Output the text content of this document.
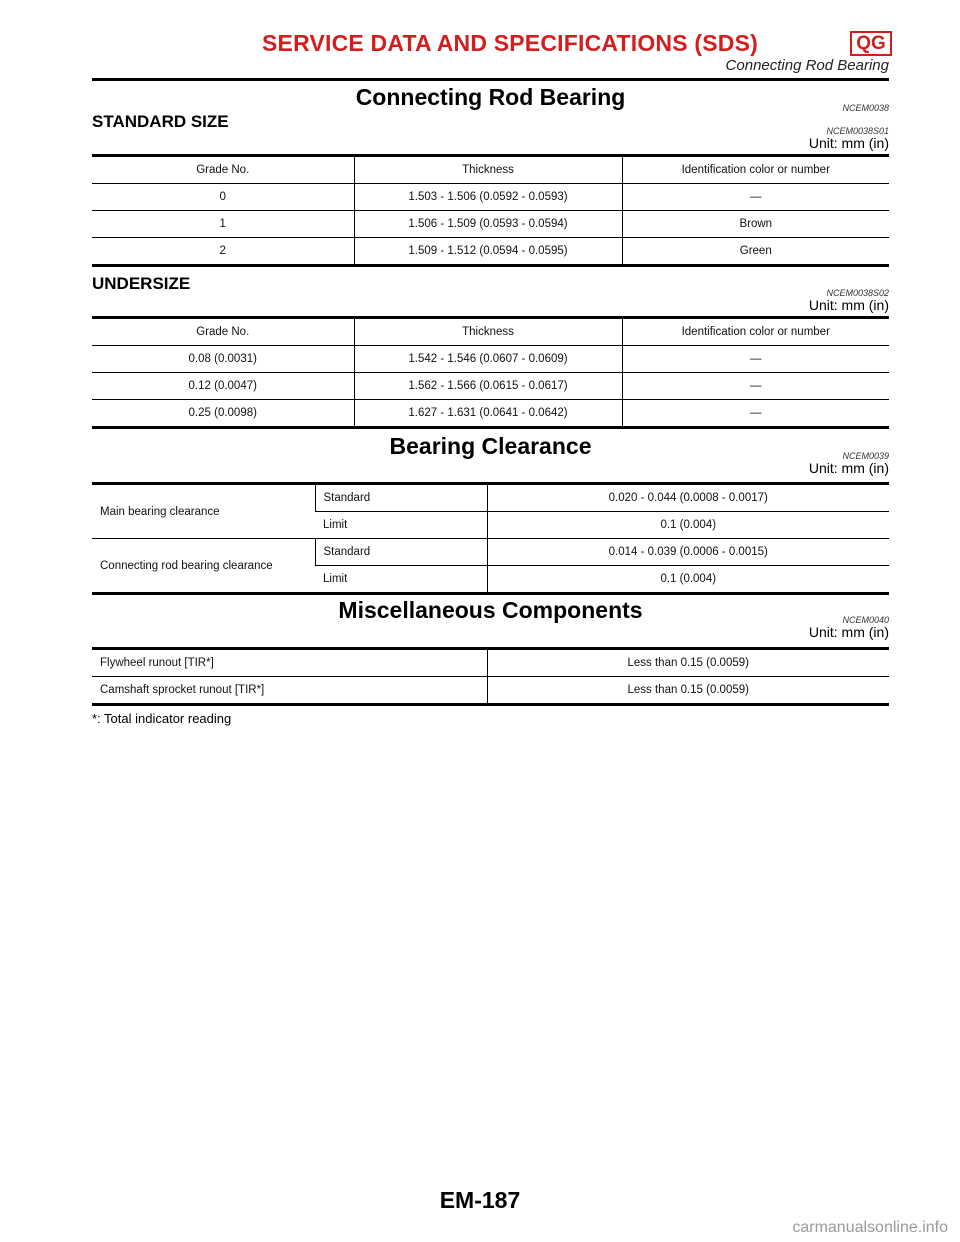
SERVICE DATA AND SPECIFICATIONS (SDS)	QG
Connecting Rod Bearing
Connecting Rod Bearing	NCEM0038
STANDARD SIZE	NCEM0038S01
Unit: mm (in)
Grade No.	Thickness	Identification color or number
0	1.503 - 1.506 (0.0592 - 0.0593)	—
1	1.506 - 1.509 (0.0593 - 0.0594)	Brown
2	1.509 - 1.512 (0.0594 - 0.0595)	Green
UNDERSIZE	NCEM0038S02
Unit: mm (in)
Grade No.	Thickness	Identification color or number
0.08 (0.0031)	1.542 - 1.546 (0.0607 - 0.0609)	—
0.12 (0.0047)	1.562 - 1.566 (0.0615 - 0.0617)	—
0.25 (0.0098)	1.627 - 1.631 (0.0641 - 0.0642)	—
Bearing Clearance	NCEM0039
Unit: mm (in)
Main bearing clearance	Standard	0.020 - 0.044 (0.0008 - 0.0017)
	Limit	0.1 (0.004)
Connecting rod bearing clearance	Standard	0.014 - 0.039 (0.0006 - 0.0015)
	Limit	0.1 (0.004)
Miscellaneous Components	NCEM0040
Unit: mm (in)
Flywheel runout [TIR*]	Less than 0.15 (0.0059)
Camshaft sprocket runout [TIR*]	Less than 0.15 (0.0059)
*: Total indicator reading
EM-187
carmanualsonline.info
